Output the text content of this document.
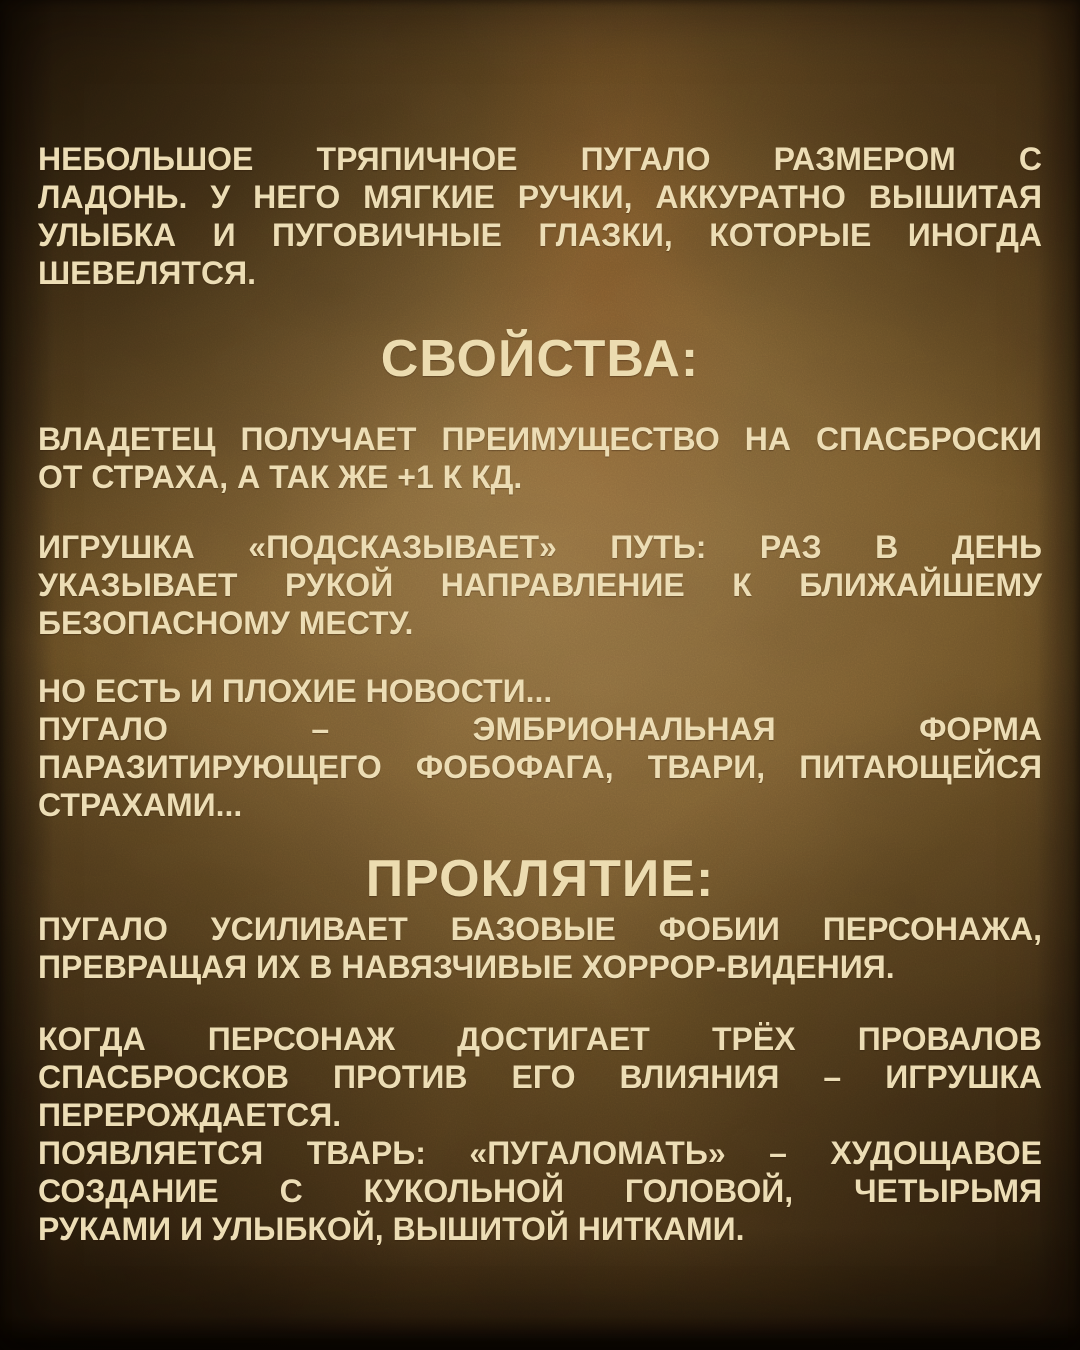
НЕБОЛЬШОЕ ТРЯПИЧНОЕ ПУГАЛО РАЗМЕРОМ С
ЛАДОНЬ. У НЕГО МЯГКИЕ РУЧКИ, АККУРАТНО ВЫШИТАЯ
УЛЫБКА И ПУГОВИЧНЫЕ ГЛАЗКИ, КОТОРЫЕ ИНОГДА
ШЕВЕЛЯТСЯ.
СВОЙСТВА:
ВЛАДЕТЕЦ ПОЛУЧАЕТ ПРЕИМУЩЕСТВО НА СПАСБРОСКИ
ОТ СТРАХА, А ТАК ЖЕ +1 К КД.
ИГРУШКА «ПОДСКАЗЫВАЕТ» ПУТЬ: РАЗ В ДЕНЬ
УКАЗЫВАЕТ РУКОЙ НАПРАВЛЕНИЕ К БЛИЖАЙШЕМУ
БЕЗОПАСНОМУ МЕСТУ.
НО ЕСТЬ И ПЛОХИЕ НОВОСТИ...
ПУГАЛО – ЭМБРИОНАЛЬНАЯ ФОРМА
ПАРАЗИТИРУЮЩЕГО ФОБОФАГА, ТВАРИ, ПИТАЮЩЕЙСЯ
СТРАХАМИ...
ПРОКЛЯТИЕ:
ПУГАЛО УСИЛИВАЕТ БАЗОВЫЕ ФОБИИ ПЕРСОНАЖА,
ПРЕВРАЩАЯ ИХ В НАВЯЗЧИВЫЕ ХОРРОР-ВИДЕНИЯ.
КОГДА ПЕРСОНАЖ ДОСТИГАЕТ ТРЁХ ПРОВАЛОВ
СПАСБРОСКОВ ПРОТИВ ЕГО ВЛИЯНИЯ – ИГРУШКА
ПЕРЕРОЖДАЕТСЯ.
ПОЯВЛЯЕТСЯ ТВАРЬ: «ПУГАЛОМАТЬ» – ХУДОЩАВОЕ
СОЗДАНИЕ С КУКОЛЬНОЙ ГОЛОВОЙ, ЧЕТЫРЬМЯ
РУКАМИ И УЛЫБКОЙ, ВЫШИТОЙ НИТКАМИ.
